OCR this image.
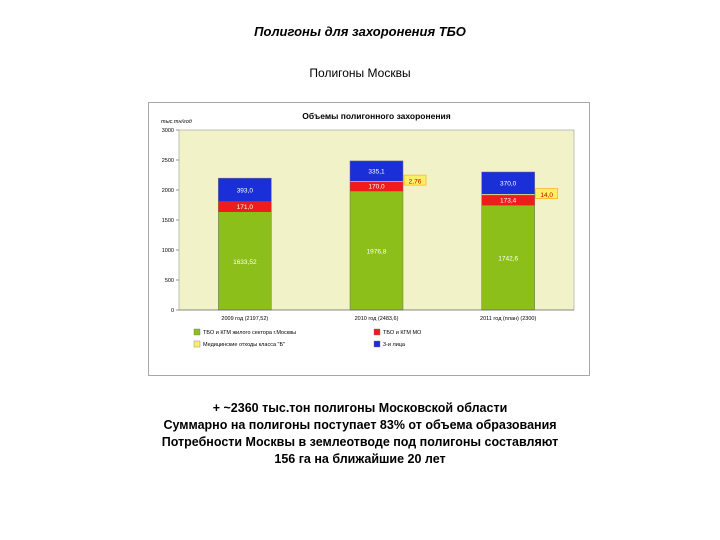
Полигоны для захоронения ТБО
Полигоны Москвы
Объемы полигонного захоронения
тыс.тн/год
0
500
1000
1500
2000
2500
3000
1633,52
171,0
393,0
2009 год (2197,52)
1976,8
170,0
2,76
335,1
2010 год (2483,6)
1742,6
173,4
14,0
370,0
2011 год (план) (2300)
ТБО и КГМ жилого сектора г.Москвы	ТБО и КГМ МО
Медицинские отходы класса "Б"	3-и лица
+ ~2360 тыс.тон полигоны Московской области
Суммарно на полигоны поступает 83% от объема образования
Потребности Москвы в землеотводе под полигоны составляют
156 га на ближайшие 20 лет
